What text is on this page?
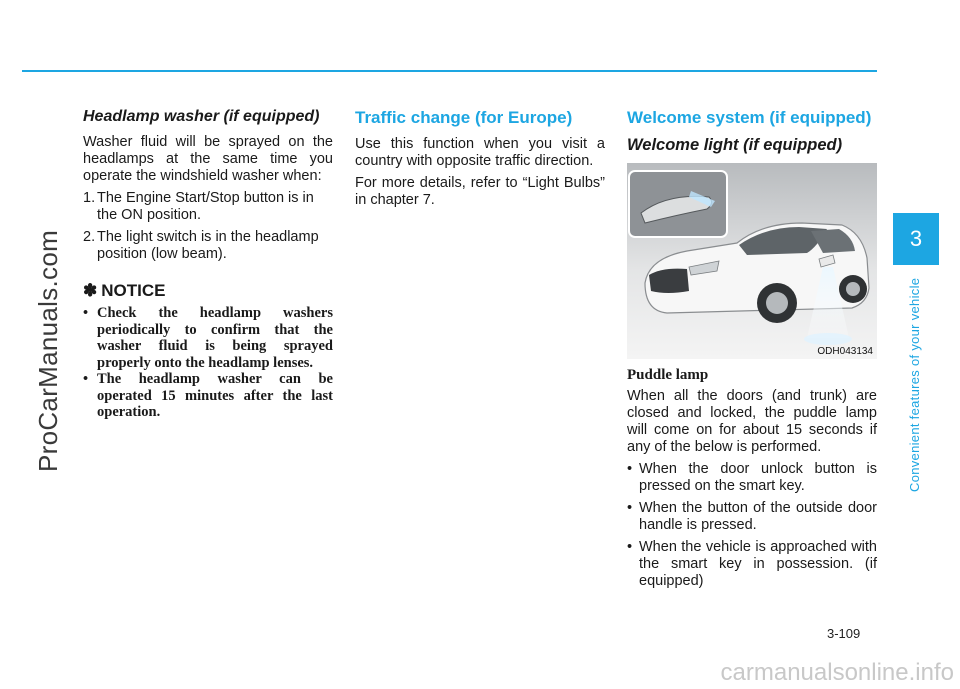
ProCarManuals.com
Headlamp washer (if equipped)

Washer fluid will be sprayed on the headlamps at the same time you operate the windshield washer when:

1. The Engine Start/Stop button is in the ON position.
2. The light switch is in the headlamp position (low beam).
✽ NOTICE
• Check the headlamp washers periodically to confirm that the washer fluid is being sprayed properly onto the headlamp lenses.
• The headlamp washer can be operated 15 minutes after the last operation.
Traffic change (for Europe)

Use this function when you visit a country with opposite traffic direction.

For more details, refer to “Light Bulbs” in chapter 7.

Welcome system (if equipped)
Welcome light (if equipped)
ODH043134
Puddle lamp

When all the doors (and trunk) are closed and locked, the puddle lamp will come on for about 15 seconds if any of the below is performed.

• When the door unlock button is pressed on the smart key.
• When the button of the outside door handle is pressed.
• When the vehicle is approached with the smart key in possession. (if equipped)
3
Convenient features of your vehicle
3-109
carmanualsonline.info
